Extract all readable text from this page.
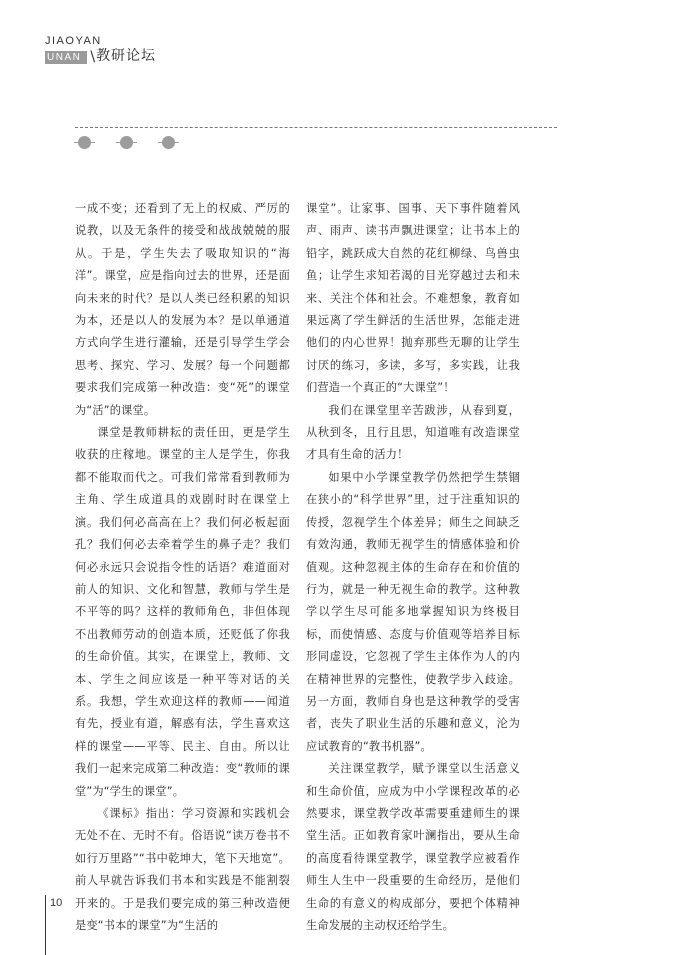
JIAOYAN
UNAN \ 教研论坛

一成不变；还看到了无上的权威、严厉的说教，以及无条件的接受和战战兢兢的服从。于是，学生失去了吸取知识的“海洋”。课堂，应是指向过去的世界，还是面向未来的时代？是以人类已经积累的知识为本，还是以人的发展为本？是以单通道方式向学生进行灌输，还是引导学生学会思考、探究、学习、发展？每一个问题都要求我们完成第一种改造：变“死”的课堂为“活”的课堂。

课堂是教师耕耘的责任田，更是学生收获的庄稼地。课堂的主人是学生，你我都不能取而代之。可我们常常看到教师为主角、学生成道具的戏剧时时在课堂上演。我们何必高高在上？我们何必板起面孔？我们何必去牵着学生的鼻子走？我们何必永远只会说指令性的话语？难道面对前人的知识、文化和智慧，教师与学生是不平等的吗？这样的教师角色，非但体现不出教师劳动的创造本质，还贬低了你我的生命价值。其实，在课堂上，教师、文本、学生之间应该是一种平等对话的关系。我想，学生欢迎这样的教师——闻道有先，授业有道，解惑有法，学生喜欢这样的课堂——平等、民主、自由。所以让我们一起来完成第二种改造：变“教师的课堂”为“学生的课堂”。

《课标》指出：学习资源和实践机会无处不在、无时不有。俗语说“读万卷书不如行万里路”“书中乾坤大，笔下天地宽”。前人早就告诉我们书本和实践是不能割裂开来的。于是我们要完成的第三种改造便是变“书本的课堂”为“生活的

课堂”。让家事、国事、天下事件随着风声、雨声、读书声飘进课堂；让书本上的铅字，跳跃成大自然的花红柳绿、鸟兽虫鱼；让学生求知若渴的目光穿越过去和未来、关注个体和社会。不难想象，教育如果远离了学生鲜活的生活世界，怎能走进他们的内心世界！抛弃那些无聊的让学生讨厌的练习，多读，多写，多实践，让我们营造一个真正的“大课堂”！

我们在课堂里辛苦跋涉，从春到夏，从秋到冬，且行且思，知道唯有改造课堂才具有生命的活力！

如果中小学课堂教学仍然把学生禁锢在狭小的“科学世界”里，过于注重知识的传授，忽视学生个体差异；师生之间缺乏有效沟通，教师无视学生的情感体验和价值观。这种忽视主体的生命存在和价值的行为，就是一种无视生命的教学。这种教学以学生尽可能多地掌握知识为终极目标，而使情感、态度与价值观等培养目标形同虚设，它忽视了学生主体作为人的内在精神世界的完整性，使教学步入歧途。另一方面，教师自身也是这种教学的受害者，丧失了职业生活的乐趣和意义，沦为应试教育的“教书机器”。

关注课堂教学，赋予课堂以生活意义和生命价值，应成为中小学课程改革的必然要求，课堂教学改革需要重建师生的课堂生活。正如教育家叶澜指出，要从生命的高度看待课堂教学，课堂教学应被看作师生人生中一段重要的生命经历，是他们生命的有意义的构成部分，要把个体精神生命发展的主动权还给学生。

10
